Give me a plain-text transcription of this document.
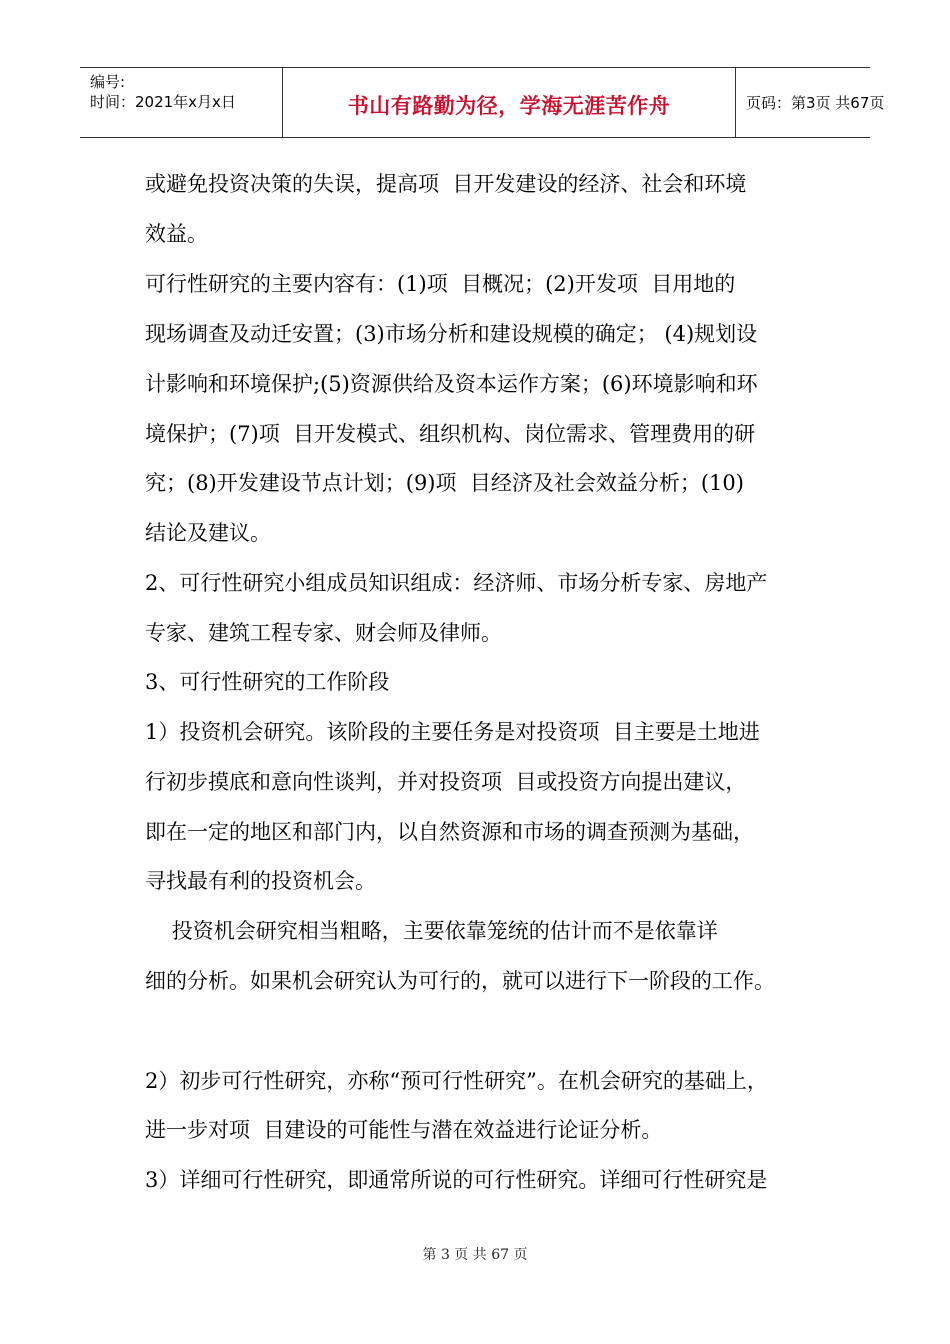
编号:
时间：2021年x月x日	书山有路勤为径，学海无涯苦作舟	页码：第3页 共67页
或避免投资决策的失误，提高项  目开发建设的经济、社会和环境
效益。
可行性研究的主要内容有：(1)项  目概况；(2)开发项  目用地的
现场调查及动迁安置；(3)市场分析和建设规模的确定； (4)规划设
计影响和环境保护;(5)资源供给及资本运作方案；(6)环境影响和环
境保护；(7)项  目开发模式、组织机构、岗位需求、管理费用的研
究；(8)开发建设节点计划；(9)项  目经济及社会效益分析；(10)
结论及建议。
2、可行性研究小组成员知识组成：经济师、市场分析专家、房地产
专家、建筑工程专家、财会师及律师。
3、可行性研究的工作阶段
1）投资机会研究。该阶段的主要任务是对投资项  目主要是土地进
行初步摸底和意向性谈判，并对投资项  目或投资方向提出建议，
即在一定的地区和部门内，以自然资源和市场的调查预测为基础，
寻找最有利的投资机会。
投资机会研究相当粗略，主要依靠笼统的估计而不是依靠详
细的分析。如果机会研究认为可行的，就可以进行下一阶段的工作。
2）初步可行性研究，亦称“预可行性研究”。在机会研究的基础上，
进一步对项  目建设的可能性与潜在效益进行论证分析。
3）详细可行性研究，即通常所说的可行性研究。详细可行性研究是
第 3 页 共 67 页
